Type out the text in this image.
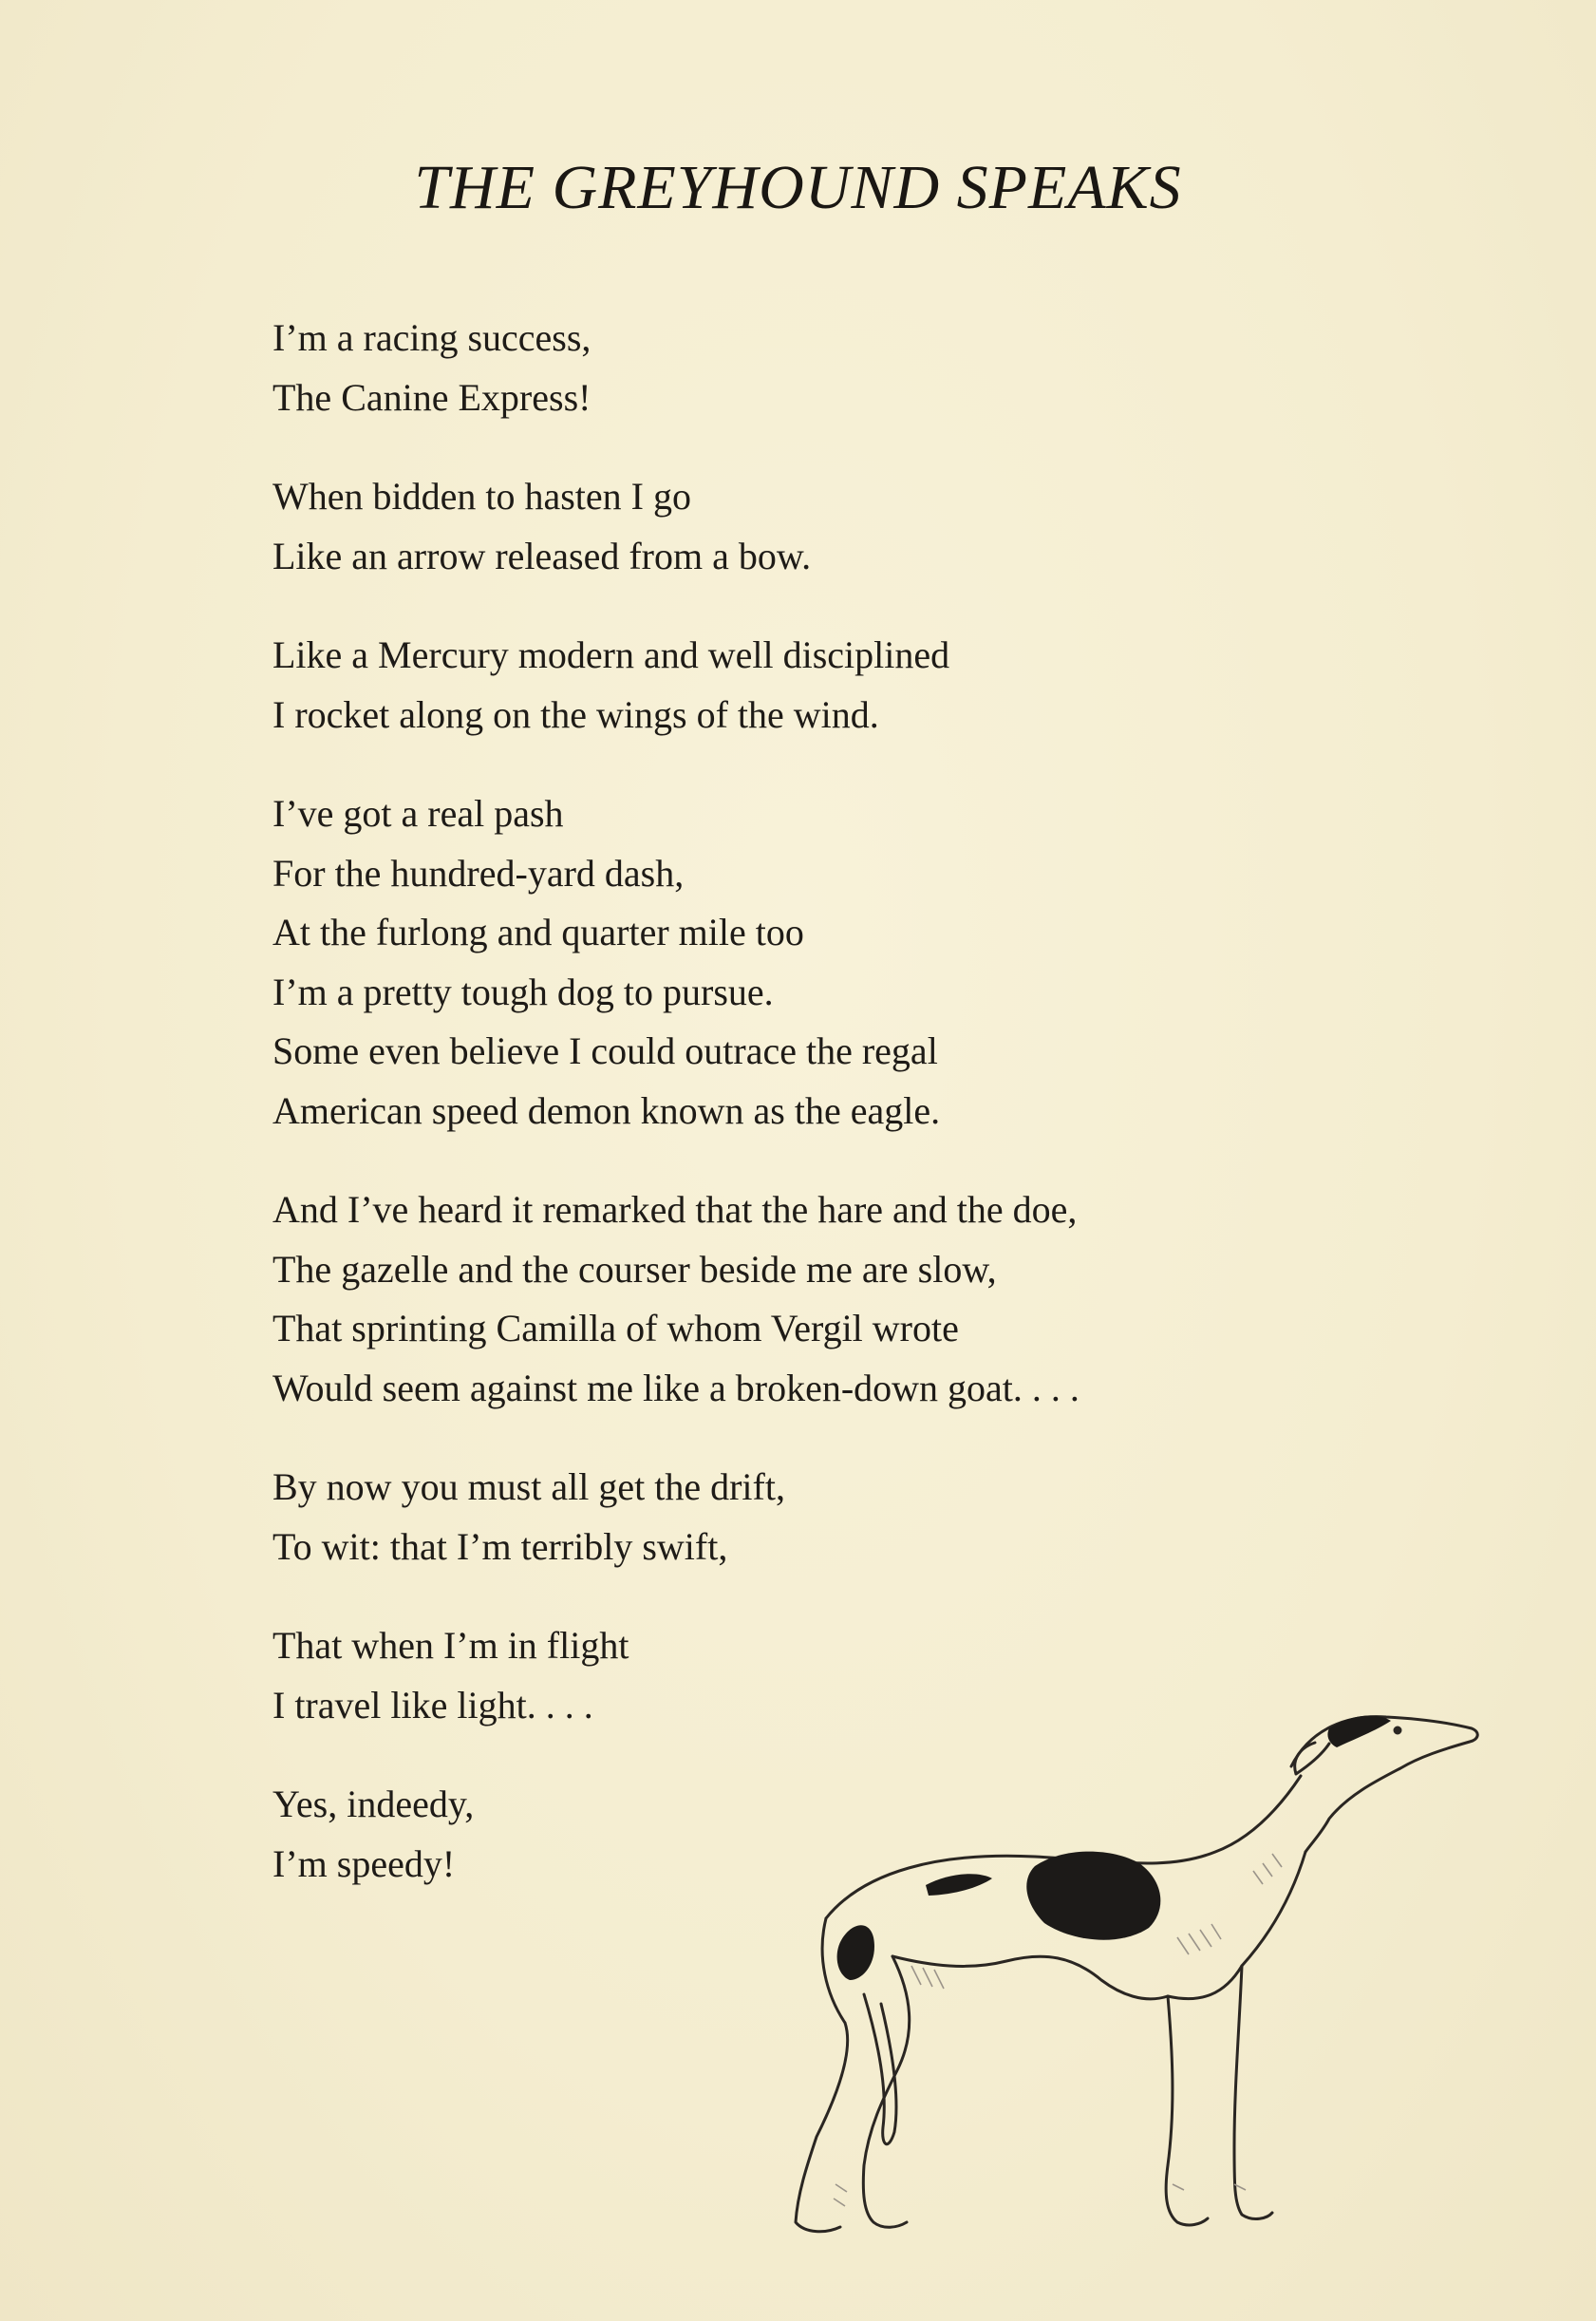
THE GREYHOUND SPEAKS
I’m a racing success,
The Canine Express!
When bidden to hasten I go
Like an arrow released from a bow.
Like a Mercury modern and well disciplined
I rocket along on the wings of the wind.
I’ve got a real pash
For the hundred-yard dash,
At the furlong and quarter mile too
I’m a pretty tough dog to pursue.
Some even believe I could outrace the regal
American speed demon known as the eagle.
And I’ve heard it remarked that the hare and the doe,
The gazelle and the courser beside me are slow,
That sprinting Camilla of whom Vergil wrote
Would seem against me like a broken-down goat. . . .
By now you must all get the drift,
To wit: that I’m terribly swift,
That when I’m in flight
I travel like light. . . .
Yes, indeedy,
I’m speedy!
